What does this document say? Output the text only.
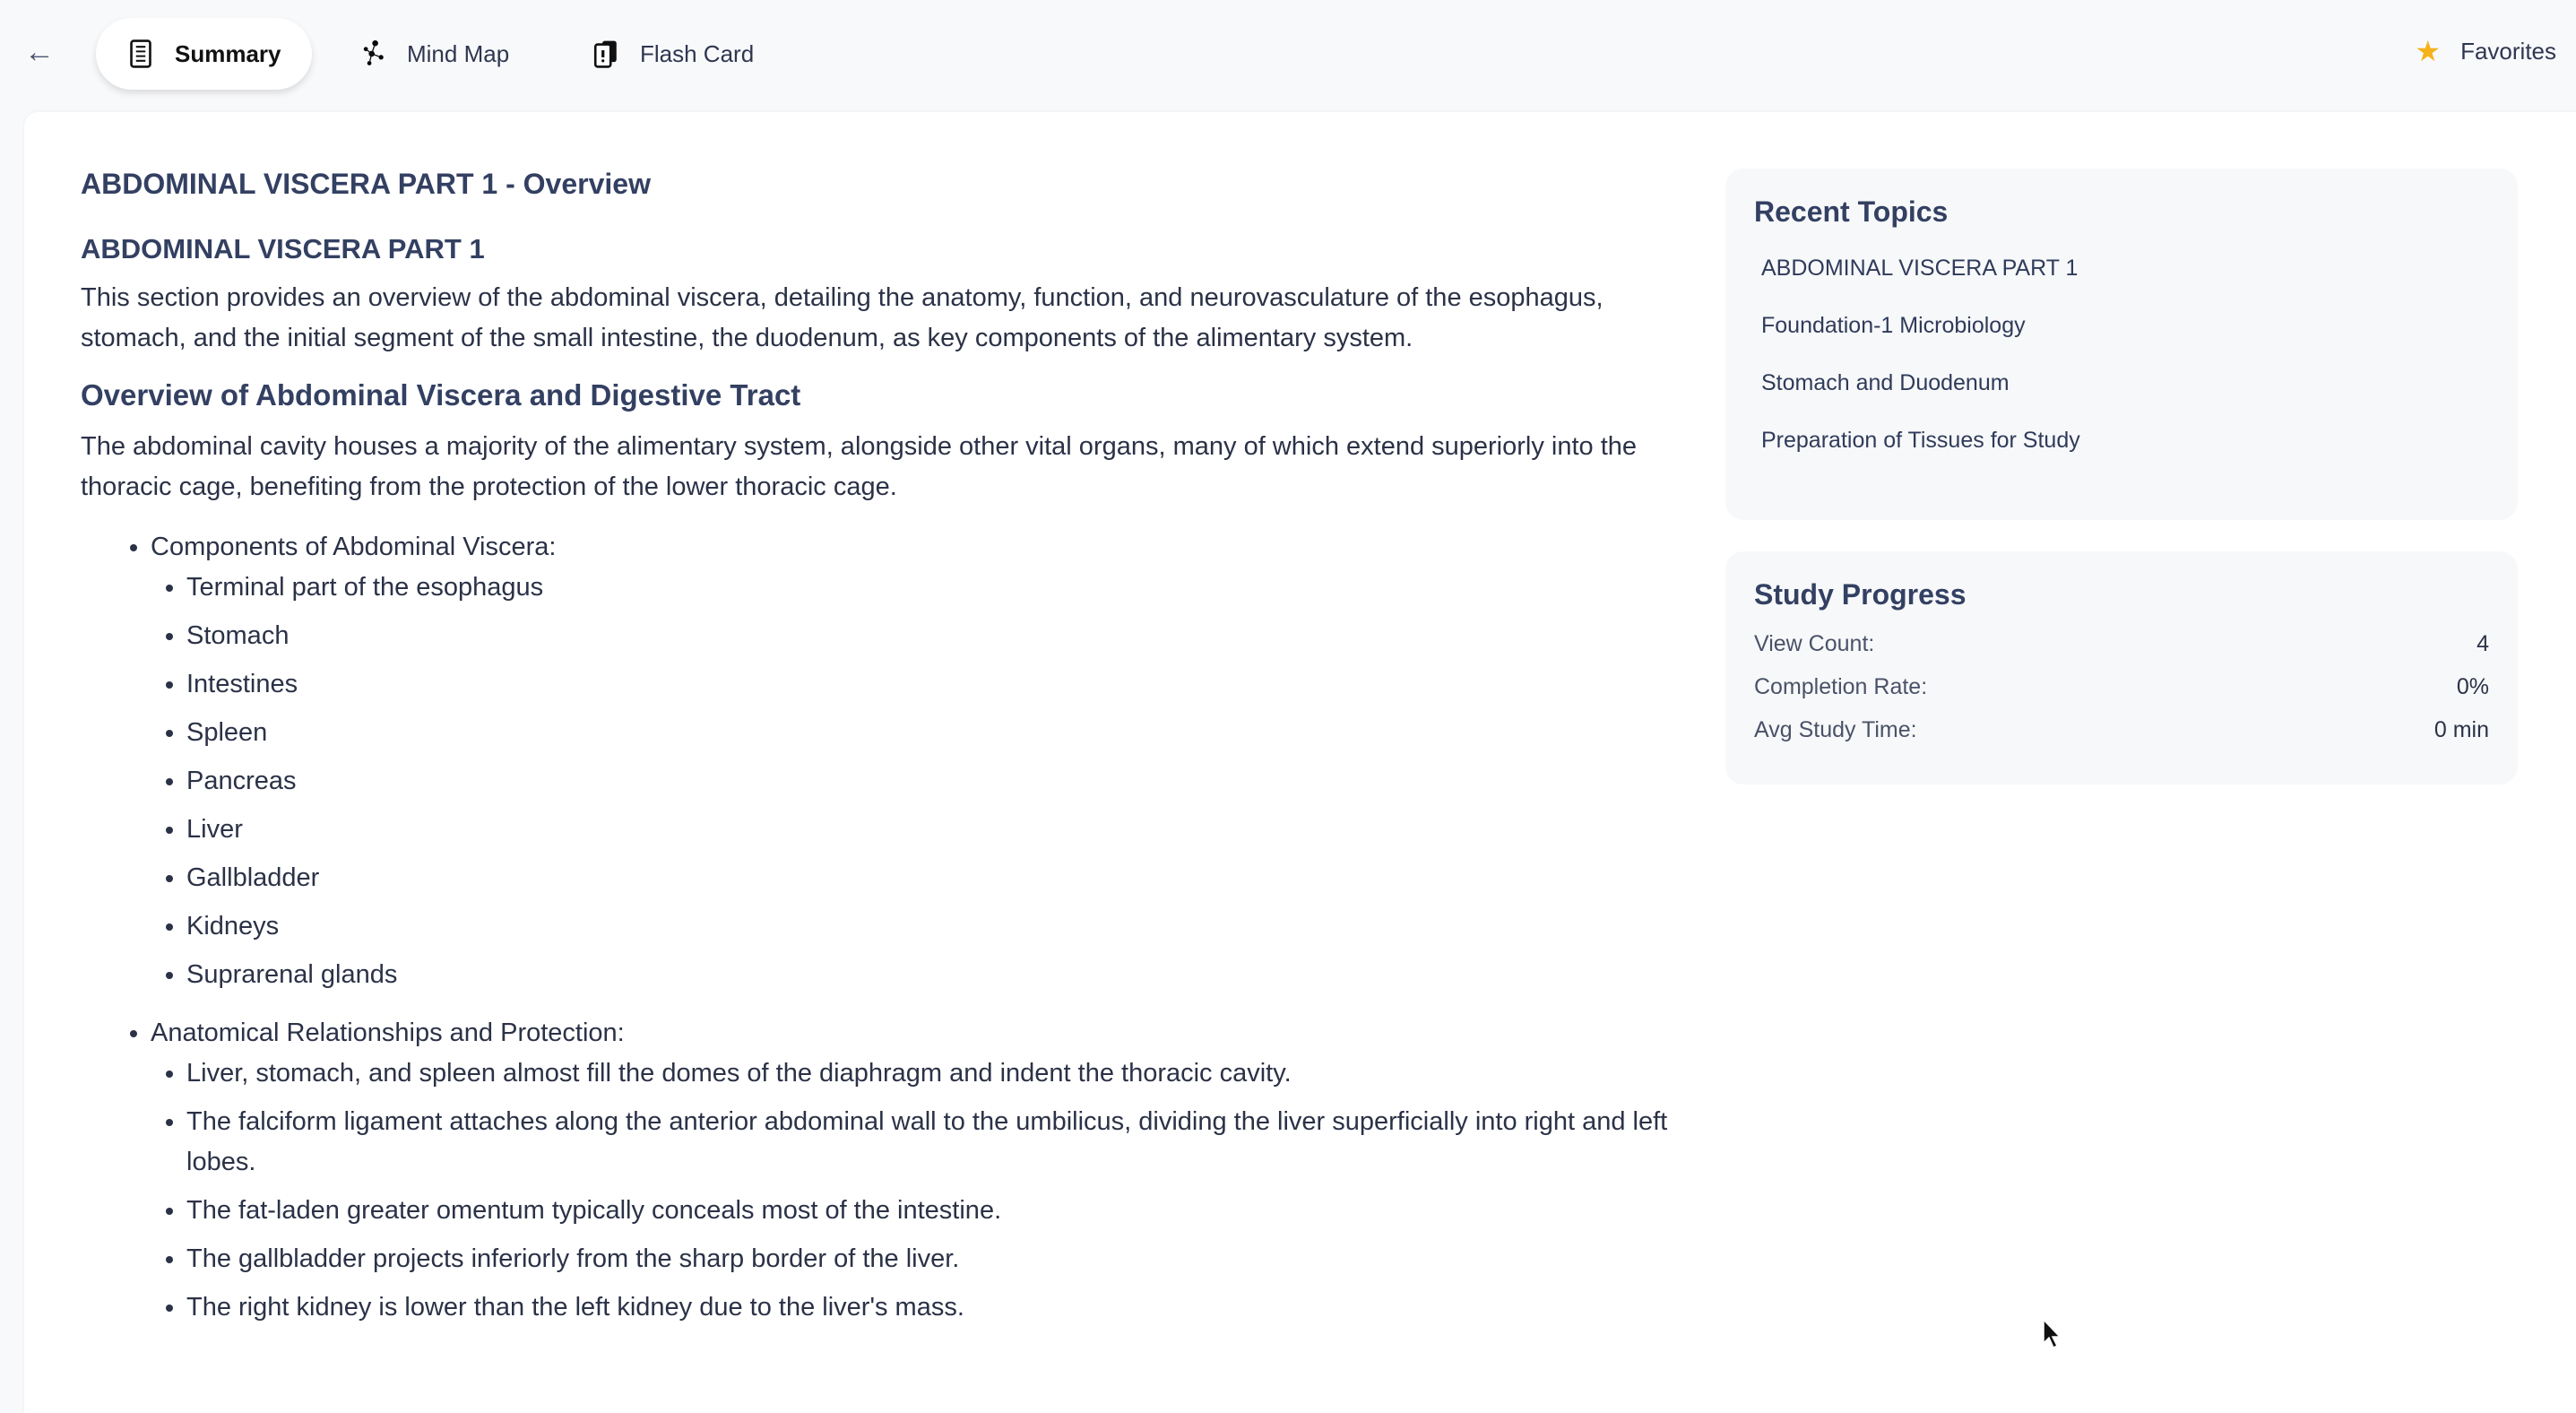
←	Summary	Mind Map	Flash Card	★ Favorites
ABDOMINAL VISCERA PART 1 - Overview
ABDOMINAL VISCERA PART 1

This section provides an overview of the abdominal viscera, detailing the anatomy, function, and neurovasculature of the esophagus, stomach, and the initial segment of the small intestine, the duodenum, as key components of the alimentary system.

Overview of Abdominal Viscera and Digestive Tract

The abdominal cavity houses a majority of the alimentary system, alongside other vital organs, many of which extend superiorly into the thoracic cage, benefiting from the protection of the lower thoracic cage.

• Components of Abdominal Viscera:
• Terminal part of the esophagus
• Stomach
• Intestines
• Spleen
• Pancreas
• Liver
• Gallbladder
• Kidneys
• Suprarenal glands
• Anatomical Relationships and Protection:
• Liver, stomach, and spleen almost fill the domes of the diaphragm and indent the thoracic cavity.
• The falciform ligament attaches along the anterior abdominal wall to the umbilicus, dividing the liver superficially into right and left lobes.
• The fat-laden greater omentum typically conceals most of the intestine.
• The gallbladder projects inferiorly from the sharp border of the liver.
• The right kidney is lower than the left kidney due to the liver's mass.
Recent Topics
ABDOMINAL VISCERA PART 1
Foundation-1 Microbiology
Stomach and Duodenum
Preparation of Tissues for Study
Study Progress
View Count:	4
Completion Rate:	0%
Avg Study Time:	0 min
